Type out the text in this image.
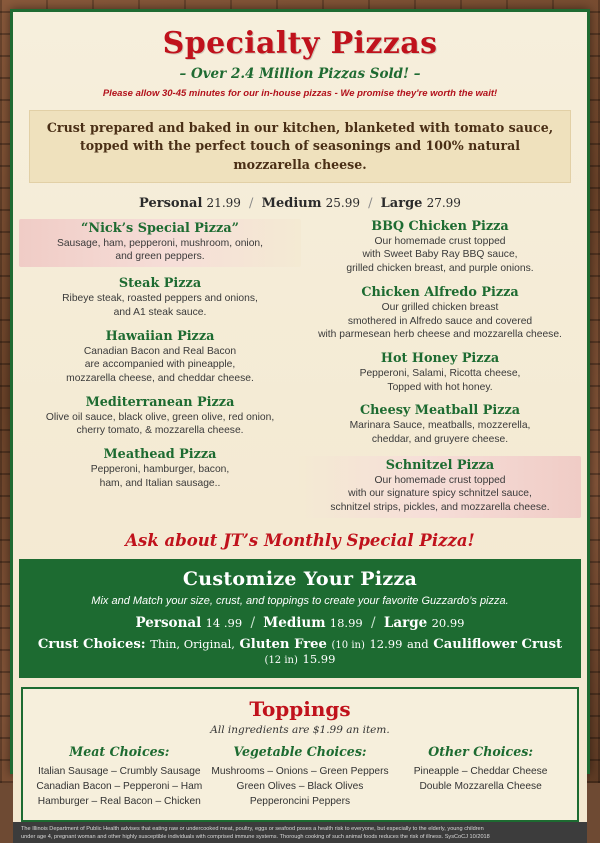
Specialty Pizzas
– Over 2.4 Million Pizzas Sold! –
Please allow 30-45 minutes for our in-house pizzas - We promise they're worth the wait!
Crust prepared and baked in our kitchen, blanketed with tomato sauce,
topped with the perfect touch of seasonings and 100% natural mozzarella cheese.
Personal 21.99 / Medium 25.99 / Large 27.99
“Nick’s Special Pizza”

Sausage, ham, pepperoni, mushroom, onion,
and green peppers.

Steak Pizza

Ribeye steak, roasted peppers and onions,
and A1 steak sauce.

Hawaiian Pizza

Canadian Bacon and Real Bacon
are accompanied with pineapple,
mozzarella cheese, and cheddar cheese.

Mediterranean Pizza

Olive oil sauce, black olive, green olive, red onion,
cherry tomato, & mozzarella cheese.

Meathead Pizza

Pepperoni, hamburger, bacon,
ham, and Italian sausage..

BBQ Chicken Pizza

Our homemade crust topped
with Sweet Baby Ray BBQ sauce,
grilled chicken breast, and purple onions.

Chicken Alfredo Pizza

Our grilled chicken breast
smothered in Alfredo sauce and covered
with parmesean herb cheese and mozzarella cheese.

Hot Honey Pizza

Pepperoni, Salami, Ricotta cheese,
Topped with hot honey.

Cheesy Meatball Pizza

Marinara Sauce, meatballs, mozzerella,
cheddar, and gruyere cheese.

Schnitzel Pizza

Our homemade crust topped
with our signature spicy schnitzel sauce,
schnitzel strips, pickles, and mozzarella cheese.

Ask about JT’s Monthly Special Pizza!
Customize Your Pizza
Mix and Match your size, crust, and toppings to create your favorite Guzzardo’s pizza.
Personal 14 .99 / Medium 18.99 / Large 20.99
Crust Choices: Thin, Original, Gluten Free (10 in) 12.99 and Cauliflower Crust (12 in) 15.99
Toppings
All ingredients are $1.99 an item.
Meat Choices:

Italian Sausage – Crumbly Sausage

Canadian Bacon – Pepperoni – Ham

Hamburger – Real Bacon – Chicken

Vegetable Choices:

Mushrooms – Onions – Green Peppers

Green Olives – Black Olives

Pepperoncini Peppers

Other Choices:

Pineapple – Cheddar Cheese

Double Mozzarella Cheese

The Illinois Department of Public Health advises that eating raw or undercooked meat, poultry, eggs or seafood poses a health risk to everyone, but especially to the elderly, young children
under age 4, pregnant woman and other highly susceptible individuals with comprised immune systems. Thorough cooking of such animal foods reduces the risk of illness. SysCoCJ 10/2018
